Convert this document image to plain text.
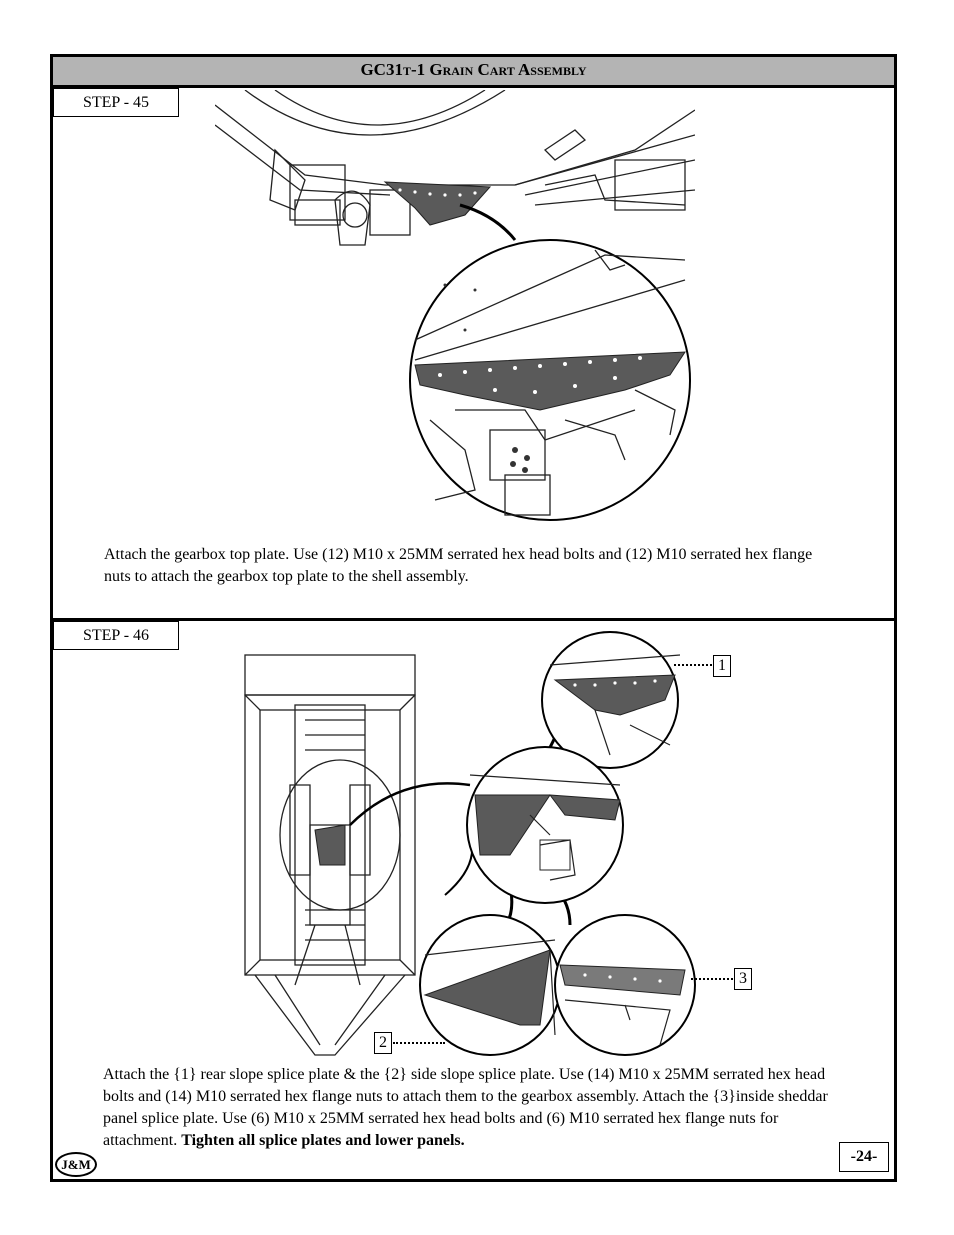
GC31t-1 Grain Cart Assembly
STEP - 45
Attach the gearbox top plate. Use (12) M10 x 25MM serrated hex head bolts and (12) M10 serrated hex flange nuts to attach the gearbox top plate to the shell assembly.
STEP - 46
1
3
2
Attach the {1} rear slope splice plate & the {2} side slope splice plate. Use (14) M10 x 25MM serrated hex head bolts and (14) M10 serrated hex flange nuts to attach them to the gearbox assembly. Attach the {3}inside sheddar panel splice plate. Use (6) M10 x 25MM serrated hex head bolts and (6) M10 serrated hex flange nuts for attachment. Tighten all splice plates and lower panels.
J&M	-24-
